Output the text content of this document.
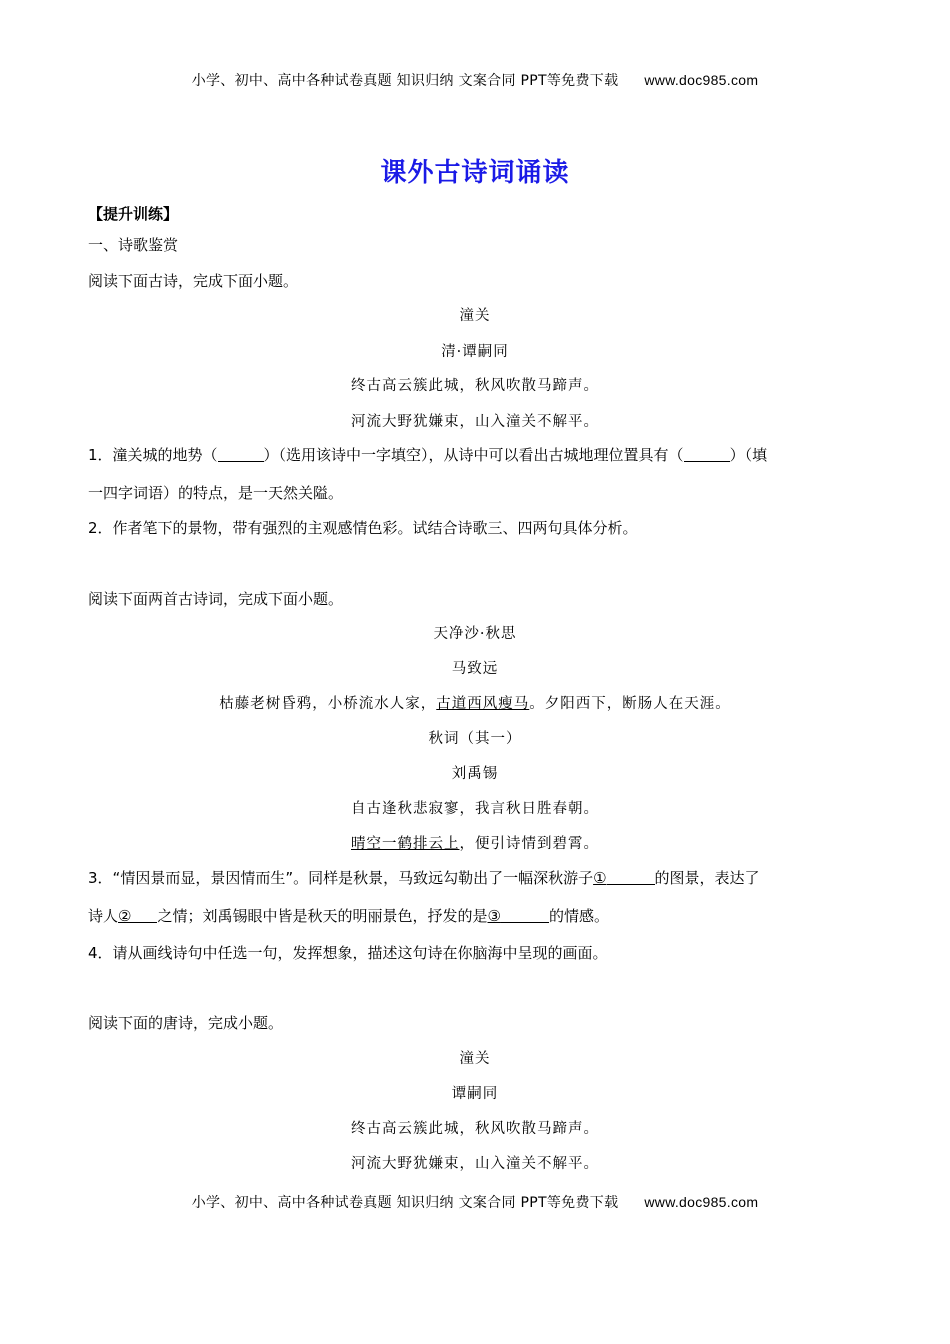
小学、初中、高中各种试卷真题 知识归纳 文案合同 PPT等免费下载 www.doc985.com
课外古诗词诵读
【提升训练】
一、诗歌鉴赏
阅读下面古诗，完成下面小题。
潼关
清·谭嗣同
终古高云簇此城，秋风吹散马蹄声。
河流大野犹嫌束，山入潼关不解平。
1．潼关城的地势（	）（选用该诗中一字填空），从诗中可以看出古城地理位置具有（	）（填
一四字词语）的特点，是一天然关隘。
2．作者笔下的景物，带有强烈的主观感情色彩。试结合诗歌三、四两句具体分析。
阅读下面两首古诗词，完成下面小题。
天净沙·秋思
马致远
枯藤老树昏鸦，小桥流水人家，古道西风瘦马。夕阳西下，断肠人在天涯。
秋词（其一）
刘禹锡
自古逢秋悲寂寥，我言秋日胜春朝。
晴空一鹤排云上，便引诗情到碧霄。
3．“情因景而显，景因情而生”。同样是秋景，马致远勾勒出了一幅深秋游子①	的图景，表达了
诗人② 之情；刘禹锡眼中皆是秋天的明丽景色，抒发的是③	的情感。
4．请从画线诗句中任选一句，发挥想象，描述这句诗在你脑海中呈现的画面。
阅读下面的唐诗，完成小题。
潼关
谭嗣同
终古高云簇此城，秋风吹散马蹄声。
河流大野犹嫌束，山入潼关不解平。
小学、初中、高中各种试卷真题 知识归纳 文案合同 PPT等免费下载 www.doc985.com
